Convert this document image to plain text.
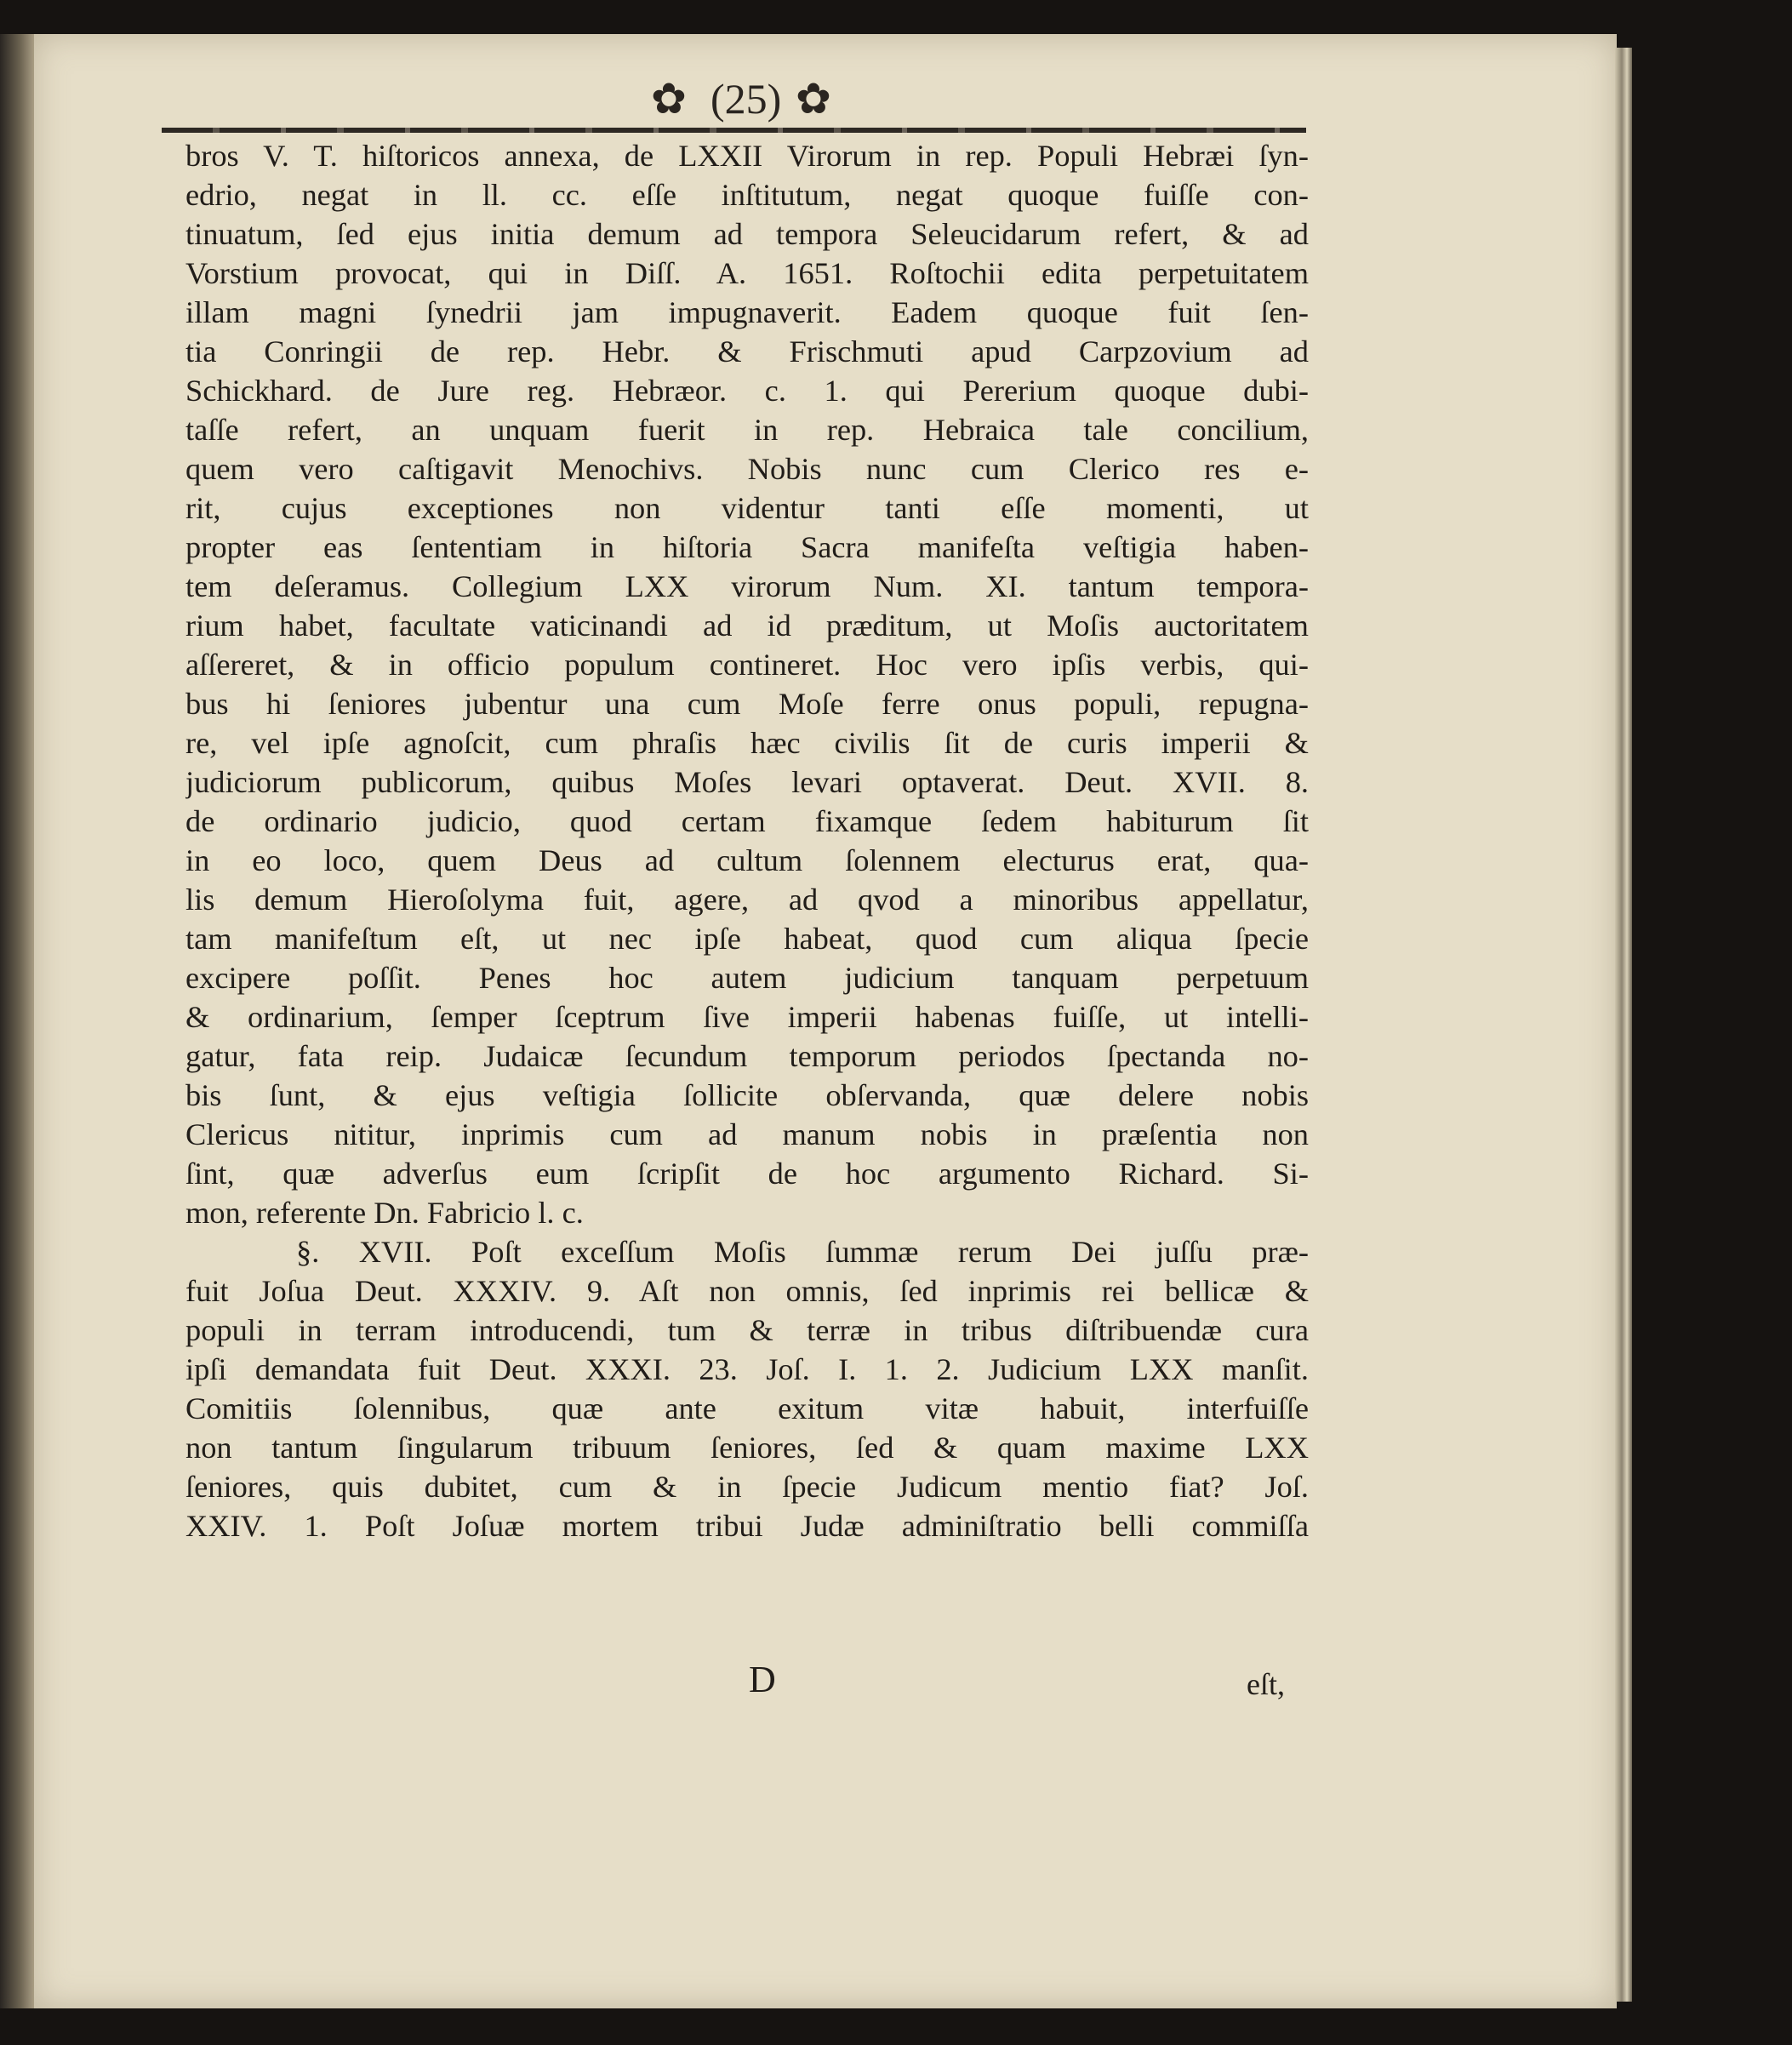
✿ (25) ✿
bros V. T. hiſtoricos annexa, de LXXII Virorum in rep. Populi Hebræi ſyn-
edrio, negat in ll. cc. eſſe inſtitutum, negat quoque fuiſſe con-
tinuatum, ſed ejus initia demum ad tempora Seleucidarum refert, & ad
Vorstium provocat, qui in Diſſ. A. 1651. Roſtochii edita perpetuitatem
illam magni ſynedrii jam impugnaverit. Eadem quoque fuit ſen-
tia Conringii de rep. Hebr. & Frischmuti apud Carpzovium ad
Schickhard. de Jure reg. Hebræor. c. 1. qui Pererium quoque dubi-
taſſe refert, an unquam fuerit in rep. Hebraica tale concilium,
quem vero caſtigavit Menochivs. Nobis nunc cum Clerico res e-
rit, cujus exceptiones non videntur tanti eſſe momenti, ut
propter eas ſententiam in hiſtoria Sacra manifeſta veſtigia haben-
tem deſeramus. Collegium LXX virorum Num. XI. tantum tempora-
rium habet, facultate vaticinandi ad id præditum, ut Moſis auctoritatem
aſſereret, & in officio populum contineret. Hoc vero ipſis verbis, qui-
bus hi ſeniores jubentur una cum Moſe ferre onus populi, repugna-
re, vel ipſe agnoſcit, cum phraſis hæc civilis ſit de curis imperii &
judiciorum publicorum, quibus Moſes levari optaverat. Deut. XVII. 8.
de ordinario judicio, quod certam fixamque ſedem habiturum ſit
in eo loco, quem Deus ad cultum ſolennem electurus erat, qua-
lis demum Hieroſolyma fuit, agere, ad qvod a minoribus appellatur,
tam manifeſtum eſt, ut nec ipſe habeat, quod cum aliqua ſpecie
excipere poſſit. Penes hoc autem judicium tanquam perpetuum
& ordinarium, ſemper ſceptrum ſive imperii habenas fuiſſe, ut intelli-
gatur, fata reip. Judaicæ ſecundum temporum periodos ſpectanda no-
bis ſunt, & ejus veſtigia ſollicite obſervanda, quæ delere nobis
Clericus nititur, inprimis cum ad manum nobis in præſentia non
ſint, quæ adverſus eum ſcripſit de hoc argumento Richard. Si-
mon, referente Dn. Fabricio l. c.
§. XVII. Poſt exceſſum Moſis ſummæ rerum Dei juſſu præ-
fuit Joſua Deut. XXXIV. 9. Aſt non omnis, ſed inprimis rei bellicæ &
populi in terram introducendi, tum & terræ in tribus diſtribuendæ cura
ipſi demandata fuit Deut. XXXI. 23. Joſ. I. 1. 2. Judicium LXX manſit.
Comitiis ſolennibus, quæ ante exitum vitæ habuit, interfuiſſe
non tantum ſingularum tribuum ſeniores, ſed & quam maxime LXX
ſeniores, quis dubitet, cum & in ſpecie Judicum mentio fiat? Joſ.
XXIV. 1. Poſt Joſuæ mortem tribui Judæ adminiſtratio belli commiſſa
D	eſt,
